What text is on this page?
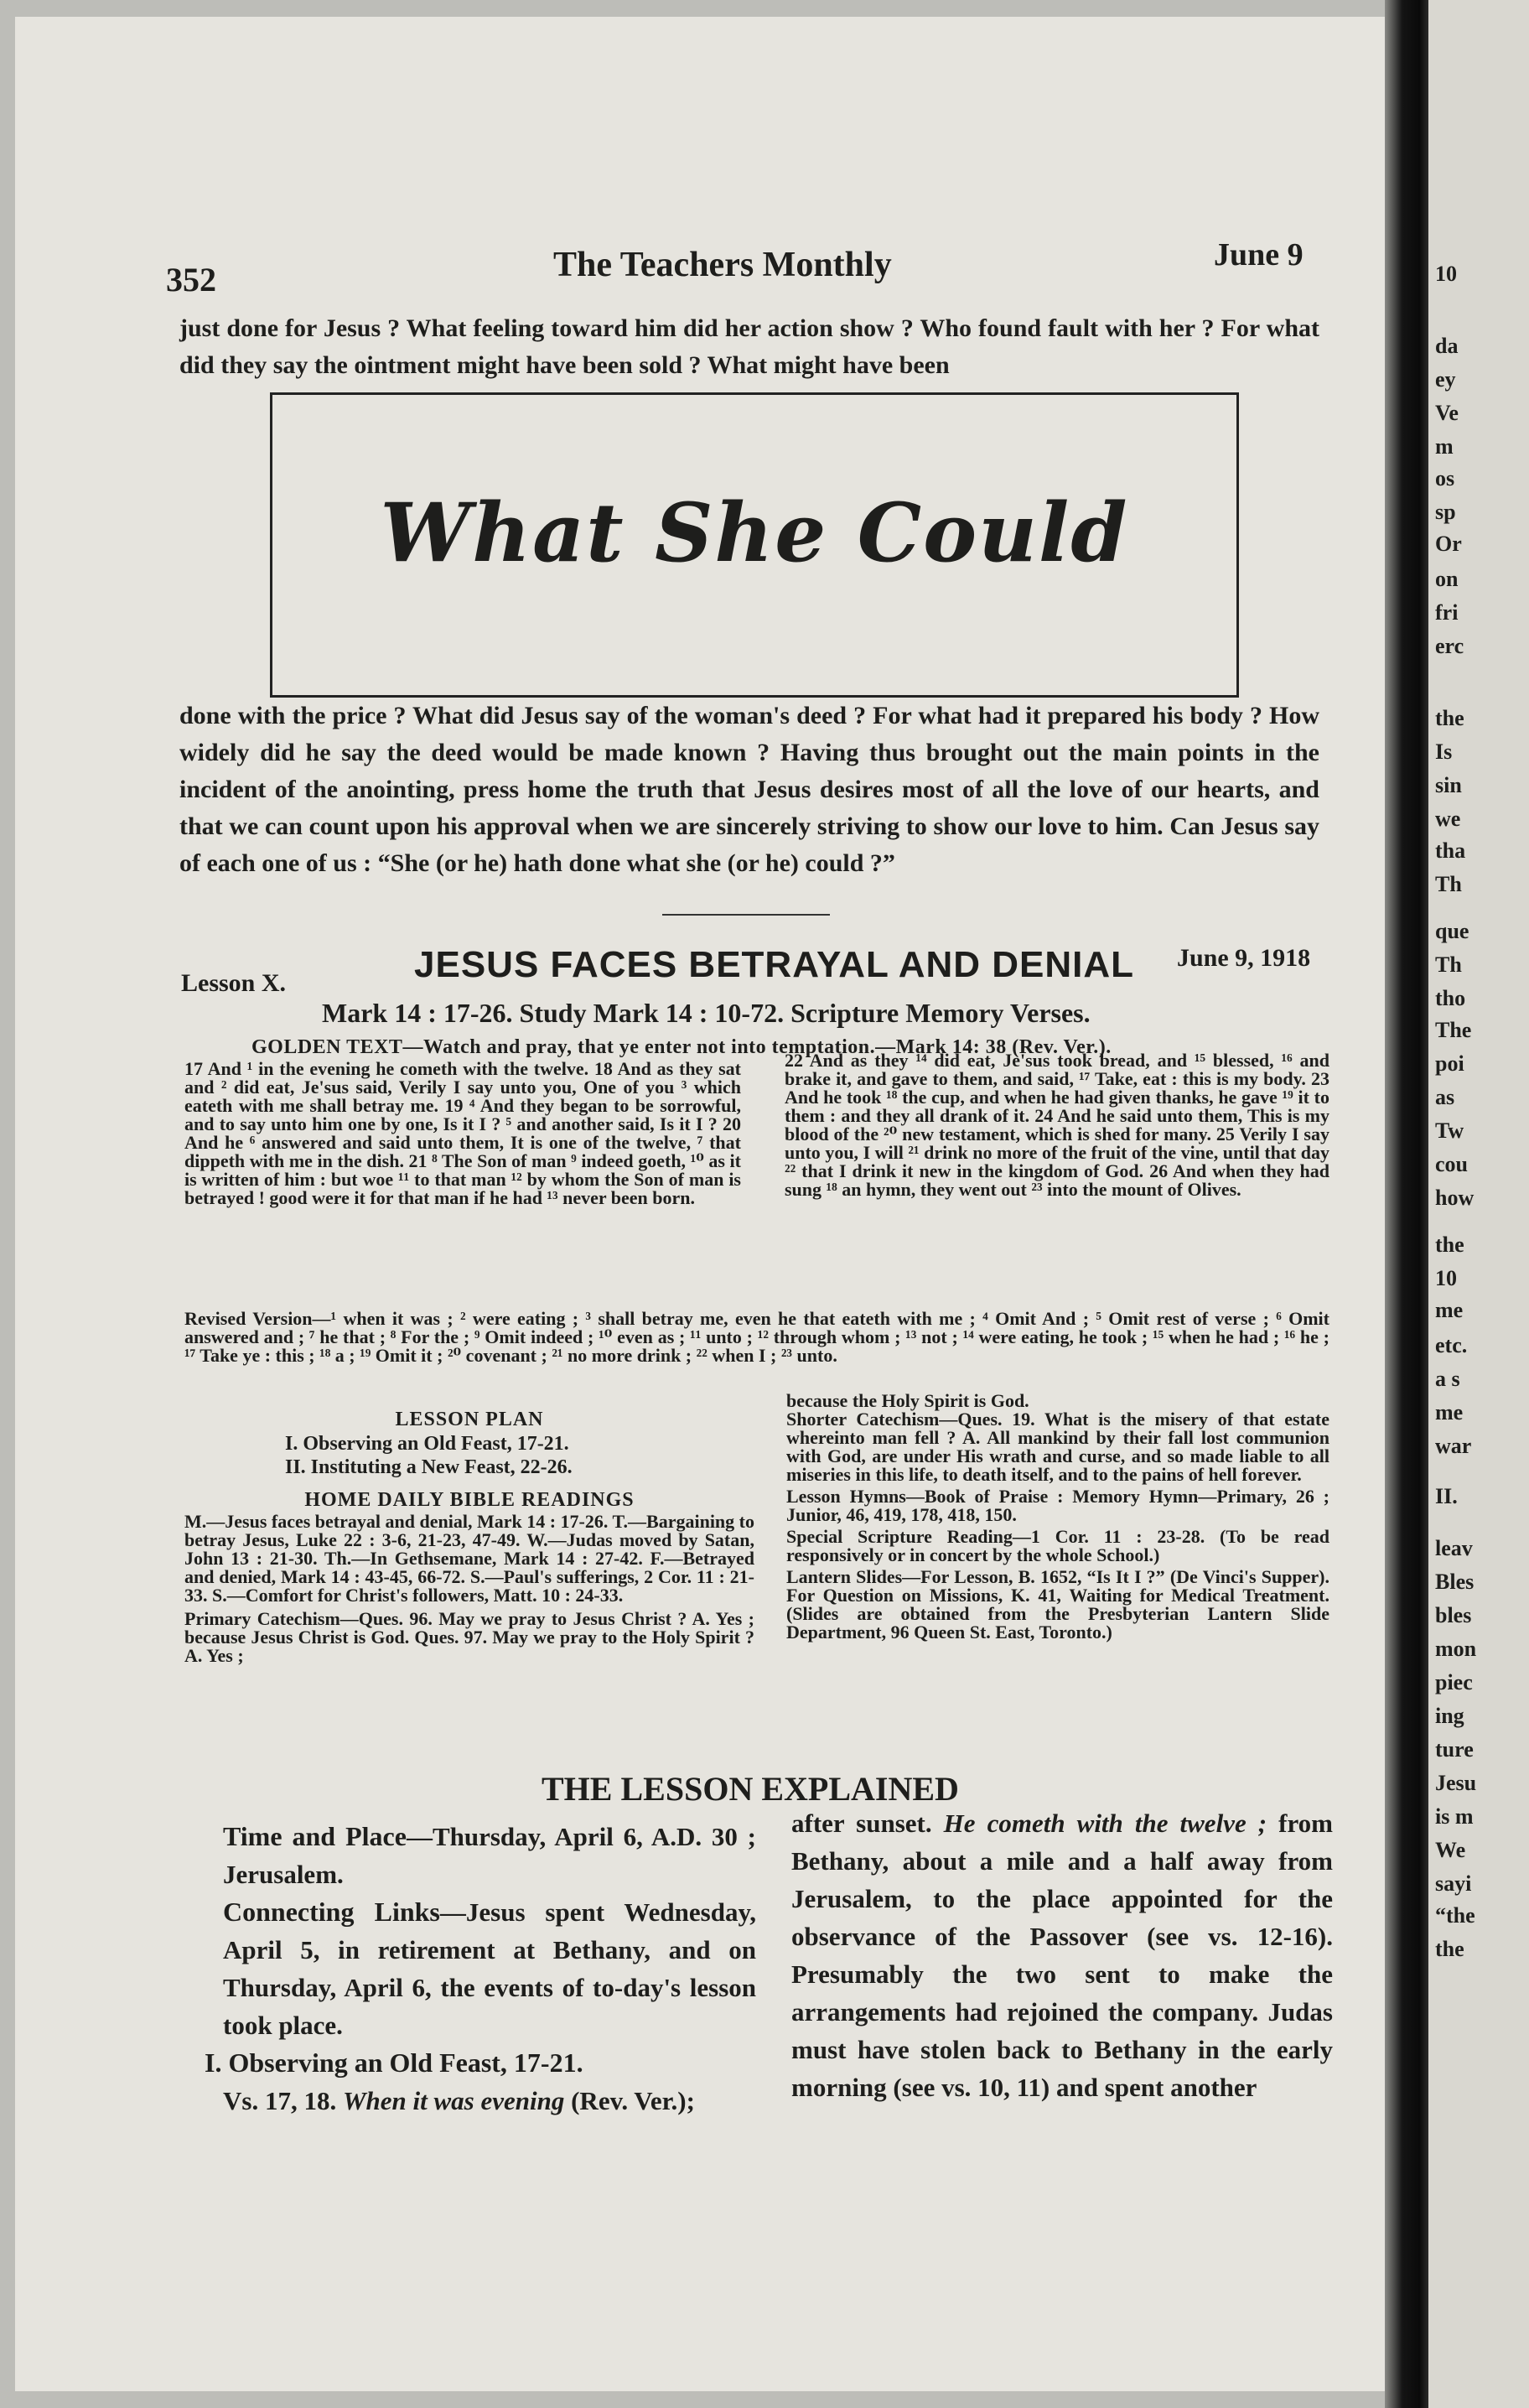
10
da
ey
Ve
m
os
sp
Or
on
fri
erc
the
Is
sin
we
tha
Th
que
Th
tho
The
poi
as
Tw
cou
how
the
10
me
etc.
a s
me
war
II.
leav
Bles
bles
mon
piec
ing
ture
Jesu
is m
We
sayi
“the
the
352	The Teachers Monthly	June 9
just done for Jesus ? What feeling toward him did her action show ? Who found fault with her ? For what did they say the ointment might have been sold ? What might have been
What She Could
done with the price ? What did Jesus say of the woman's deed ? For what had it prepared his body ? How widely did he say the deed would be made known ? Having thus brought out the main points in the incident of the anointing, press home the truth that Jesus desires most of all the love of our hearts, and that we can count upon his approval when we are sincerely striving to show our love to him. Can Jesus say of each one of us : “She (or he) hath done what she (or he) could ?”
Lesson X.	JESUS FACES BETRAYAL AND DENIAL June 9, 1918
Mark 14 : 17-26. Study Mark 14 : 10-72. Scripture Memory Verses.
GOLDEN TEXT—Watch and pray, that ye enter not into temptation.—Mark 14: 38 (Rev. Ver.).
17 And ¹ in the evening he cometh with the twelve. 18 And as they sat and ² did eat, Je'sus said, Verily I say unto you, One of you ³ which eateth with me shall betray me. 19 ⁴ And they began to be sorrowful, and to say unto him one by one, Is it I ? ⁵ and another said, Is it I ? 20 And he ⁶ answered and said unto them, It is one of the twelve, ⁷ that dippeth with me in the dish. 21 ⁸ The Son of man ⁹ indeed goeth, ¹⁰ as it is written of him : but woe ¹¹ to that man ¹² by whom the Son of man is betrayed ! good were it for that man if he had ¹³ never been born.
22 And as they ¹⁴ did eat, Je'sus took bread, and ¹⁵ blessed, ¹⁶ and brake it, and gave to them, and said, ¹⁷ Take, eat : this is my body. 23 And he took ¹⁸ the cup, and when he had given thanks, he gave ¹⁹ it to them : and they all drank of it. 24 And he said unto them, This is my blood of the ²⁰ new testament, which is shed for many. 25 Verily I say unto you, I will ²¹ drink no more of the fruit of the vine, until that day ²² that I drink it new in the kingdom of God. 26 And when they had sung ¹⁸ an hymn, they went out ²³ into the mount of Olives.
Revised Version—¹ when it was ; ² were eating ; ³ shall betray me, even he that eateth with me ; ⁴ Omit And ; ⁵ Omit rest of verse ; ⁶ Omit answered and ; ⁷ he that ; ⁸ For the ; ⁹ Omit indeed ; ¹⁰ even as ; ¹¹ unto ; ¹² through whom ; ¹³ not ; ¹⁴ were eating, he took ; ¹⁵ when he had ; ¹⁶ he ; ¹⁷ Take ye : this ; ¹⁸ a ; ¹⁹ Omit it ; ²⁰ covenant ; ²¹ no more drink ; ²² when I ; ²³ unto.
LESSON PLAN
I. Observing an Old Feast, 17-21.
II. Instituting a New Feast, 22-26.
HOME DAILY BIBLE READINGS
M.—Jesus faces betrayal and denial, Mark 14 : 17-26. T.—Bargaining to betray Jesus, Luke 22 : 3-6, 21-23, 47-49. W.—Judas moved by Satan, John 13 : 21-30. Th.—In Gethsemane, Mark 14 : 27-42. F.—Betrayed and denied, Mark 14 : 43-45, 66-72. S.—Paul's sufferings, 2 Cor. 11 : 21-33. S.—Comfort for Christ's followers, Matt. 10 : 24-33.
Primary Catechism—Ques. 96. May we pray to Jesus Christ ? A. Yes ; because Jesus Christ is God. Ques. 97. May we pray to the Holy Spirit ? A. Yes ;
because the Holy Spirit is God.
Shorter Catechism—Ques. 19. What is the misery of that estate whereinto man fell ? A. All mankind by their fall lost communion with God, are under His wrath and curse, and so made liable to all miseries in this life, to death itself, and to the pains of hell forever.
Lesson Hymns—Book of Praise : Memory Hymn—Primary, 26 ; Junior, 46, 419, 178, 418, 150.
Special Scripture Reading—1 Cor. 11 : 23-28. (To be read responsively or in concert by the whole School.)
Lantern Slides—For Lesson, B. 1652, “Is It I ?” (De Vinci's Supper). For Question on Missions, K. 41, Waiting for Medical Treatment. (Slides are obtained from the Presbyterian Lantern Slide Department, 96 Queen St. East, Toronto.)
THE LESSON EXPLAINED
Time and Place—Thursday, April 6, A.D. 30 ; Jerusalem.
Connecting Links—Jesus spent Wednesday, April 5, in retirement at Bethany, and on Thursday, April 6, the events of to-day's lesson took place.
I. Observing an Old Feast, 17-21.
Vs. 17, 18. When it was evening (Rev. Ver.);
after sunset. He cometh with the twelve ; from Bethany, about a mile and a half away from Jerusalem, to the place appointed for the observance of the Passover (see vs. 12-16). Presumably the two sent to make the arrangements had rejoined the company. Judas must have stolen back to Bethany in the early morning (see vs. 10, 11) and spent another
